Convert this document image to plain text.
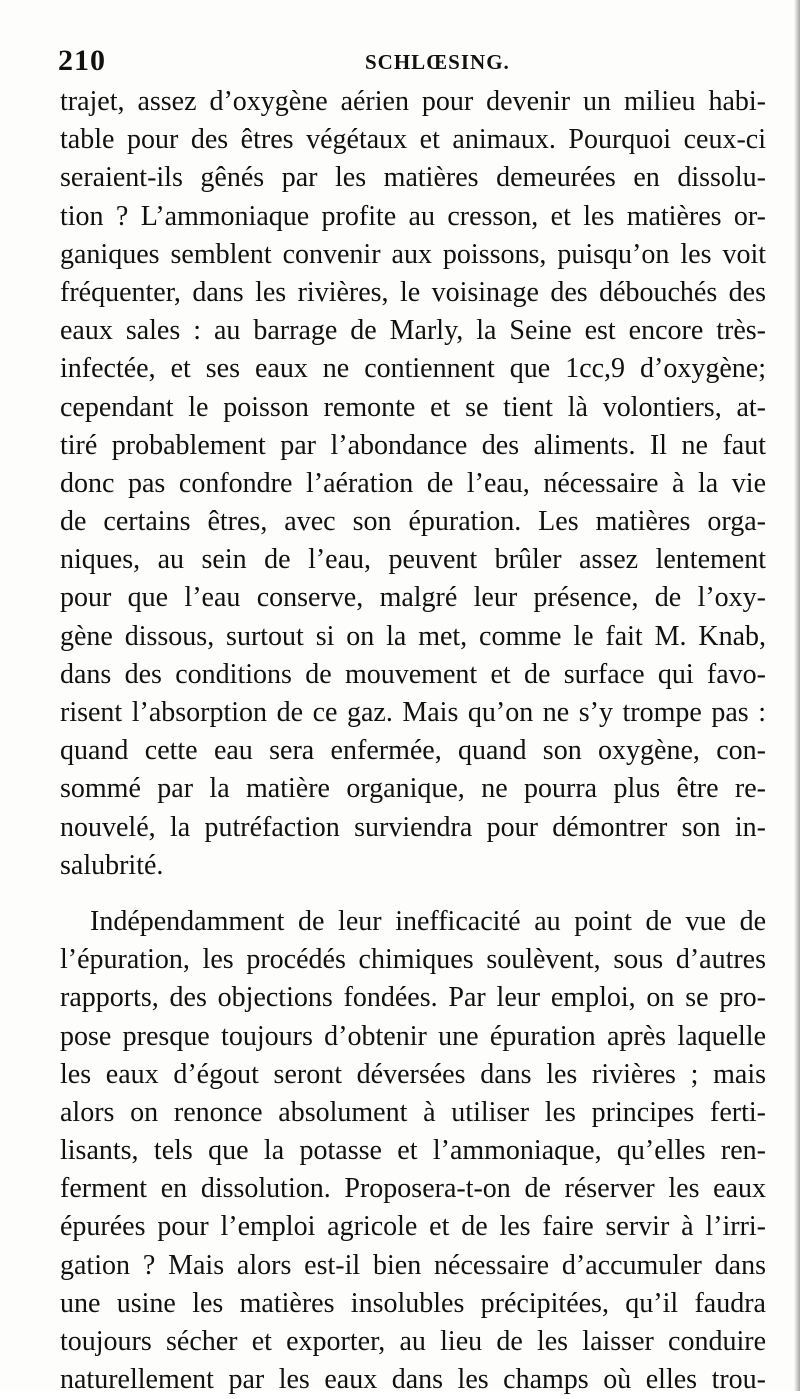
210	SCHLŒSING.
trajet, assez d’oxygène aérien pour devenir un milieu habi-
table pour des êtres végétaux et animaux. Pourquoi ceux-ci
seraient-ils gênés par les matières demeurées en dissolu-
tion ? L’ammoniaque profite au cresson, et les matières or-
ganiques semblent convenir aux poissons, puisqu’on les voit
fréquenter, dans les rivières, le voisinage des débouchés des
eaux sales : au barrage de Marly, la Seine est encore très-
infectée, et ses eaux ne contiennent que 1cc,9 d’oxygène;
cependant le poisson remonte et se tient là volontiers, at-
tiré probablement par l’abondance des aliments. Il ne faut
donc pas confondre l’aération de l’eau, nécessaire à la vie
de certains êtres, avec son épuration. Les matières orga-
niques, au sein de l’eau, peuvent brûler assez lentement
pour que l’eau conserve, malgré leur présence, de l’oxy-
gène dissous, surtout si on la met, comme le fait M. Knab,
dans des conditions de mouvement et de surface qui favo-
risent l’absorption de ce gaz. Mais qu’on ne s’y trompe pas :
quand cette eau sera enfermée, quand son oxygène, con-
sommé par la matière organique, ne pourra plus être re-
nouvelé, la putréfaction surviendra pour démontrer son in-
salubrité.
Indépendamment de leur inefficacité au point de vue de
l’épuration, les procédés chimiques soulèvent, sous d’autres
rapports, des objections fondées. Par leur emploi, on se pro-
pose presque toujours d’obtenir une épuration après laquelle
les eaux d’égout seront déversées dans les rivières ; mais
alors on renonce absolument à utiliser les principes ferti-
lisants, tels que la potasse et l’ammoniaque, qu’elles ren-
ferment en dissolution. Proposera-t-on de réserver les eaux
épurées pour l’emploi agricole et de les faire servir à l’irri-
gation ? Mais alors est-il bien nécessaire d’accumuler dans
une usine les matières insolubles précipitées, qu’il faudra
toujours sécher et exporter, au lieu de les laisser conduire
naturellement par les eaux dans les champs où elles trou-
